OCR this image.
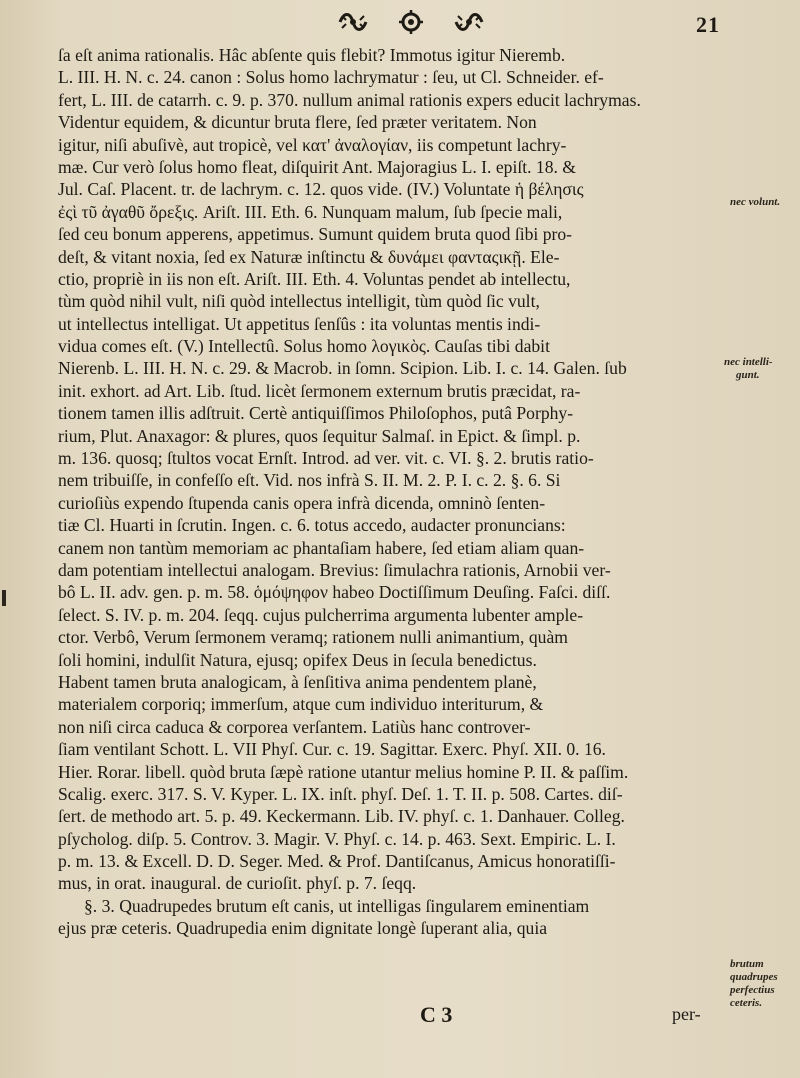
21
ſa eſt anima rationalis. Hâc abſente quis flebit? Immotus igitur Nieremb.
L. III. H. N. c. 24. canon : Solus homo lachrymatur : ſeu, ut Cl. Schneider. ef-
fert, L. III. de catarrh. c. 9. p. 370. nullum animal rationis expers educit lachrymas.
Videntur equidem, & dicuntur bruta flere, ſed præter veritatem. Non
igitur, niſi abuſivè, aut tropicè, vel κατ' ἀναλογίαν, iis competunt lachry-
mæ. Cur verò ſolus homo fleat, diſquirit Ant. Majoragius L. I. epiſt. 18. &
Jul. Caſ. Placent. tr. de lachrym. c. 12. quos vide. (IV.) Voluntate ἡ βέλησις
ἐςὶ τῦ ἀγαθῦ ὄρεξις. Ariſt. III. Eth. 6. Nunquam malum, ſub ſpecie mali,
ſed ceu bonum apperens, appetimus. Sumunt quidem bruta quod ſibi pro-
deſt, & vitant noxia, ſed ex Naturæ inſtinctu & δυνάμει φανταςικῇ. Ele-
ctio, propriè in iis non eſt. Ariſt. III. Eth. 4. Voluntas pendet ab intellectu,
tùm quòd nihil vult, niſi quòd intellectus intelligit, tùm quòd ſic vult,
ut intellectus intelligat. Ut appetitus ſenſûs : ita voluntas mentis indi-
vidua comes eſt. (V.) Intellectû. Solus homo λογικὸς. Cauſas tibi dabit
Nierenb. L. III. H. N. c. 29. & Macrob. in ſomn. Scipion. Lib. I. c. 14. Galen. ſub
init. exhort. ad Art. Lib. ſtud. licèt ſermonem externum brutis præcidat, ra-
tionem tamen illis adſtruit. Certè antiquiſſimos Philoſophos, putâ Porphy-
rium, Plut. Anaxagor: & plures, quos ſequitur Salmaſ. in Epict. & ſimpl. p.
m. 136. quosq; ſtultos vocat Ernſt. Introd. ad ver. vit. c. VI. §. 2. brutis ratio-
nem tribuiſſe, in confeſſo eſt. Vid. nos infrà S. II. M. 2. P. I. c. 2. §. 6. Si
curioſiùs expendo ſtupenda canis opera infrà dicenda, omninò ſenten-
tiæ Cl. Huarti in ſcrutin. Ingen. c. 6. totus accedo, audacter pronuncians:
canem non tantùm memoriam ac phantaſiam habere, ſed etiam aliam quan-
dam potentiam intellectui analogam. Brevius: ſimulachra rationis, Arnobii ver-
bô L. II. adv. gen. p. m. 58. ὁμόψηφον habeo Doctiſſimum Deuſing. Faſci. diſſ.
ſelect. S. IV. p. m. 204. ſeqq. cujus pulcherrima argumenta lubenter ample-
ctor. Verbô, Verum ſermonem veramq; rationem nulli animantium, quàm
ſoli homini, indulſit Natura, ejusq; opifex Deus in ſecula benedictus.
Habent tamen bruta analogicam, à ſenſitiva anima pendentem planè,
materialem corporiq; immerſum, atque cum individuo interiturum, &
non niſi circa caduca & corporea verſantem. Latiùs hanc controver-
ſiam ventilant Schott. L. VII Phyſ. Cur. c. 19. Sagittar. Exerc. Phyſ. XII. 0. 16.
Hier. Rorar. libell. quòd bruta ſæpè ratione utantur melius homine P. II. & paſſim.
Scalig. exerc. 317. S. V. Kyper. L. IX. inſt. phyſ. Deſ. 1. T. II. p. 508. Cartes. diſ-
ſert. de methodo art. 5. p. 49. Keckermann. Lib. IV. phyſ. c. 1. Danhauer. Colleg.
pſycholog. diſp. 5. Controv. 3. Magir. V. Phyſ. c. 14. p. 463. Sext. Empiric. L. I.
p. m. 13. & Excell. D. D. Seger. Med. & Prof. Dantiſcanus, Amicus honoratiſſi-
mus, in orat. inaugural. de curioſit. phyſ. p. 7. ſeqq.
§. 3. Quadrupedes brutum eſt canis, ut intelligas ſingularem eminentiam
ejus præ ceteris. Quadrupedia enim dignitate longè ſuperant alia, quia
nec volunt.
nec intelli-
gunt.
brutum
quadrupes
perfectius
ceteris.
C 3	per-
